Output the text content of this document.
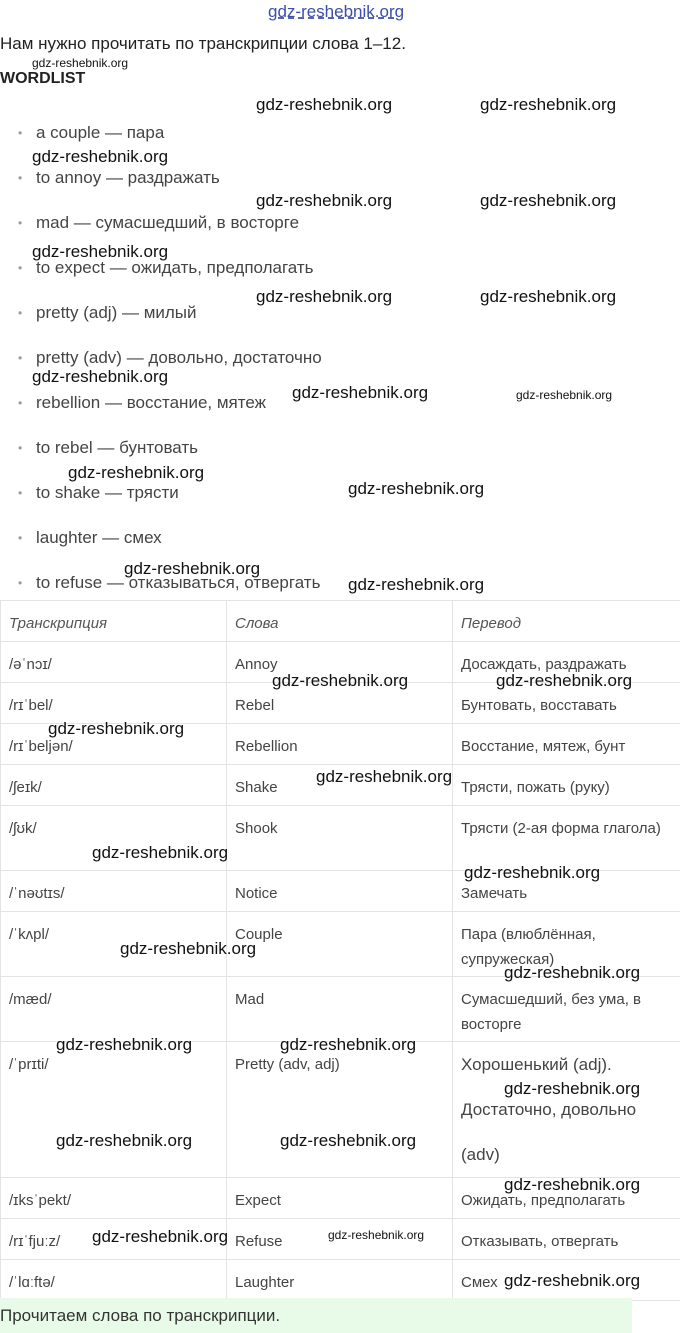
gdz-reshebnik.org
Нам нужно прочитать по транскрипции слова 1–12.
WORDLIST
• a couple — пара
• to annoy — раздражать
• mad — сумасшедший, в восторге
• to expect — ожидать, предполагать
• pretty (adj) — милый
• pretty (adv) — довольно, достаточно
• rebellion — восстание, мятеж
• to rebel — бунтовать
• to shake — трясти
• laughter — смех
• to refuse — отказываться, отвергать
Транскрипция	Слова	Перевод
/əˈnɔɪ/	Annoy	Досаждать, раздражать
/rɪˈbel/	Rebel	Бунтовать, восставать
/rɪˈbeljən/	Rebellion	Восстание, мятеж, бунт
/ʃeɪk/	Shake	Трясти, пожать (руку)
/ʃʊk/	Shook	Трясти (2-ая форма глагола)
/ˈnəʊtɪs/	Notice	Замечать
/ˈkʌpl/	Couple	Пара (влюблённая, супружеская)
/mæd/	Mad	Сумасшедший, без ума, в восторге
/ˈprɪti/	Pretty (adv, adj)	Хорошенький (adj). Достаточно, довольно (adv)
/ɪksˈpekt/	Expect	Ожидать, предполагать
/rɪˈfjuːz/	Refuse	Отказывать, отвергать
/ˈlɑːftə/	Laughter	Смех
Прочитаем слова по транскрипции.
gdz-reshebnik.org
gdz-reshebnik.org	gdz-reshebnik.org
gdz-reshebnik.org
gdz-reshebnik.org	gdz-reshebnik.org
gdz-reshebnik.org
gdz-reshebnik.org	gdz-reshebnik.org
gdz-reshebnik.org
gdz-reshebnik.org	gdz-reshebnik.org
gdz-reshebnik.org
gdz-reshebnik.org
gdz-reshebnik.org
gdz-reshebnik.org
gdz-reshebnik.org	gdz-reshebnik.org
gdz-reshebnik.org
gdz-reshebnik.org
gdz-reshebnik.org
gdz-reshebnik.org
gdz-reshebnik.org
gdz-reshebnik.org
gdz-reshebnik.org	gdz-reshebnik.org
gdz-reshebnik.org
gdz-reshebnik.org	gdz-reshebnik.org
gdz-reshebnik.org
gdz-reshebnik.org	gdz-reshebnik.org
gdz-reshebnik.org
